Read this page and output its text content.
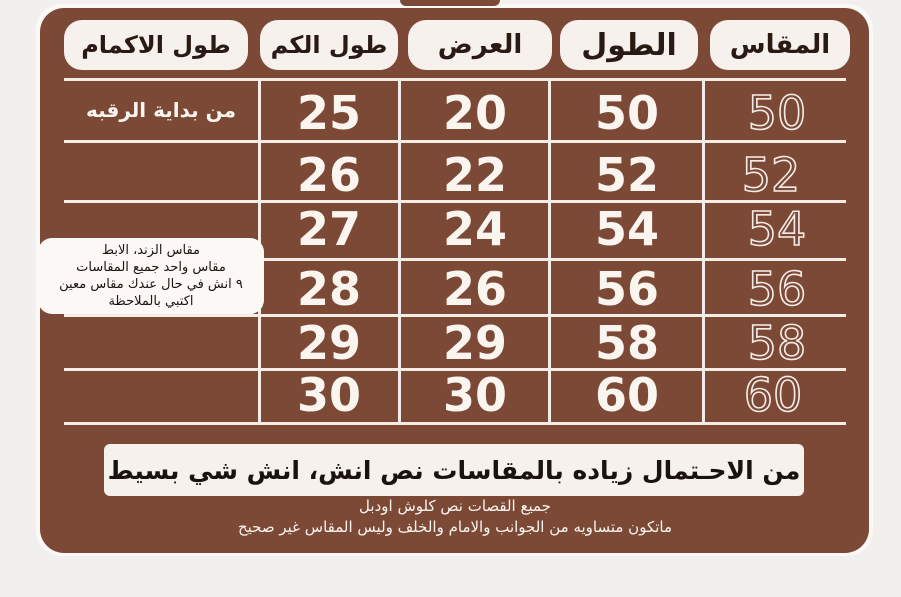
المقاس
الطول
العرض
طول الكم
طول الاكمام
من بداية الرقبه	50
50
20
25
52
52
22
26
54
54
24
27
56
56
26
28
58
58
29
29
60
60
30
30
مقاس الزند، الابط
مقاس واحد جميع المقاسات
٩ انش في حال عندك مقاس معين
اكتبي بالملاحظة
من الاحـتمال زياده بالمقاسات نص انش، انش شي بسيط
جميع القصات نص كلوش اودبل
ماتكون متساويه من الجوانب والامام والخلف وليس المقاس غير صحيح
